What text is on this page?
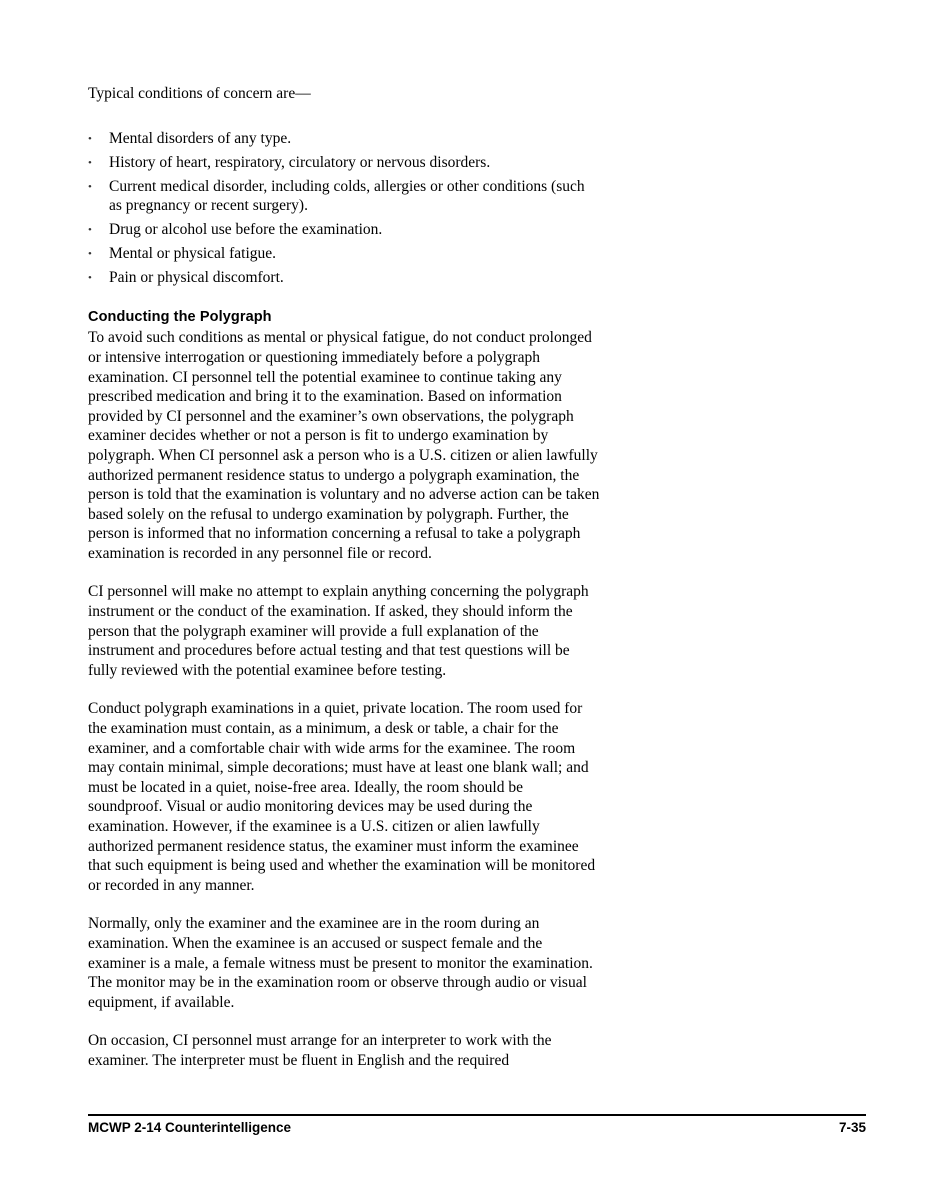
Typical conditions of concern are—

• Mental disorders of any type.
• History of heart, respiratory, circulatory or nervous disorders.
• Current medical disorder, including colds, allergies or other conditions (such as pregnancy or recent surgery).
• Drug or alcohol use before the examination.
• Mental or physical fatigue.
• Pain or physical discomfort.
Conducting the Polygraph

To avoid such conditions as mental or physical fatigue, do not conduct prolonged or intensive interrogation or questioning immediately before a polygraph examination. CI personnel tell the potential examinee to continue taking any prescribed medication and bring it to the examination. Based on information provided by CI personnel and the examiner’s own observations, the polygraph examiner decides whether or not a person is fit to undergo examination by polygraph. When CI personnel ask a person who is a U.S. citizen or alien lawfully authorized permanent residence status to undergo a polygraph examination, the person is told that the examination is voluntary and no adverse action can be taken based solely on the refusal to undergo examination by polygraph. Further, the person is informed that no information concerning a refusal to take a polygraph examination is recorded in any personnel file or record.

CI personnel will make no attempt to explain anything concerning the polygraph instrument or the conduct of the examination. If asked, they should inform the person that the polygraph examiner will provide a full explanation of the instrument and procedures before actual testing and that test questions will be fully reviewed with the potential examinee before testing.

Conduct polygraph examinations in a quiet, private location. The room used for the examination must contain, as a minimum, a desk or table, a chair for the examiner, and a comfortable chair with wide arms for the examinee. The room may contain minimal, simple decorations; must have at least one blank wall; and must be located in a quiet, noise-free area. Ideally, the room should be soundproof. Visual or audio monitoring devices may be used during the examination. However, if the examinee is a U.S. citizen or alien lawfully authorized permanent residence status, the examiner must inform the examinee that such equipment is being used and whether the examination will be monitored or recorded in any manner.

Normally, only the examiner and the examinee are in the room during an examination. When the examinee is an accused or suspect female and the examiner is a male, a female witness must be present to monitor the examination. The monitor may be in the examination room or observe through audio or visual equipment, if available.

On occasion, CI personnel must arrange for an interpreter to work with the examiner. The interpreter must be fluent in English and the required

MCWP 2-14 Counterintelligence	7-35
